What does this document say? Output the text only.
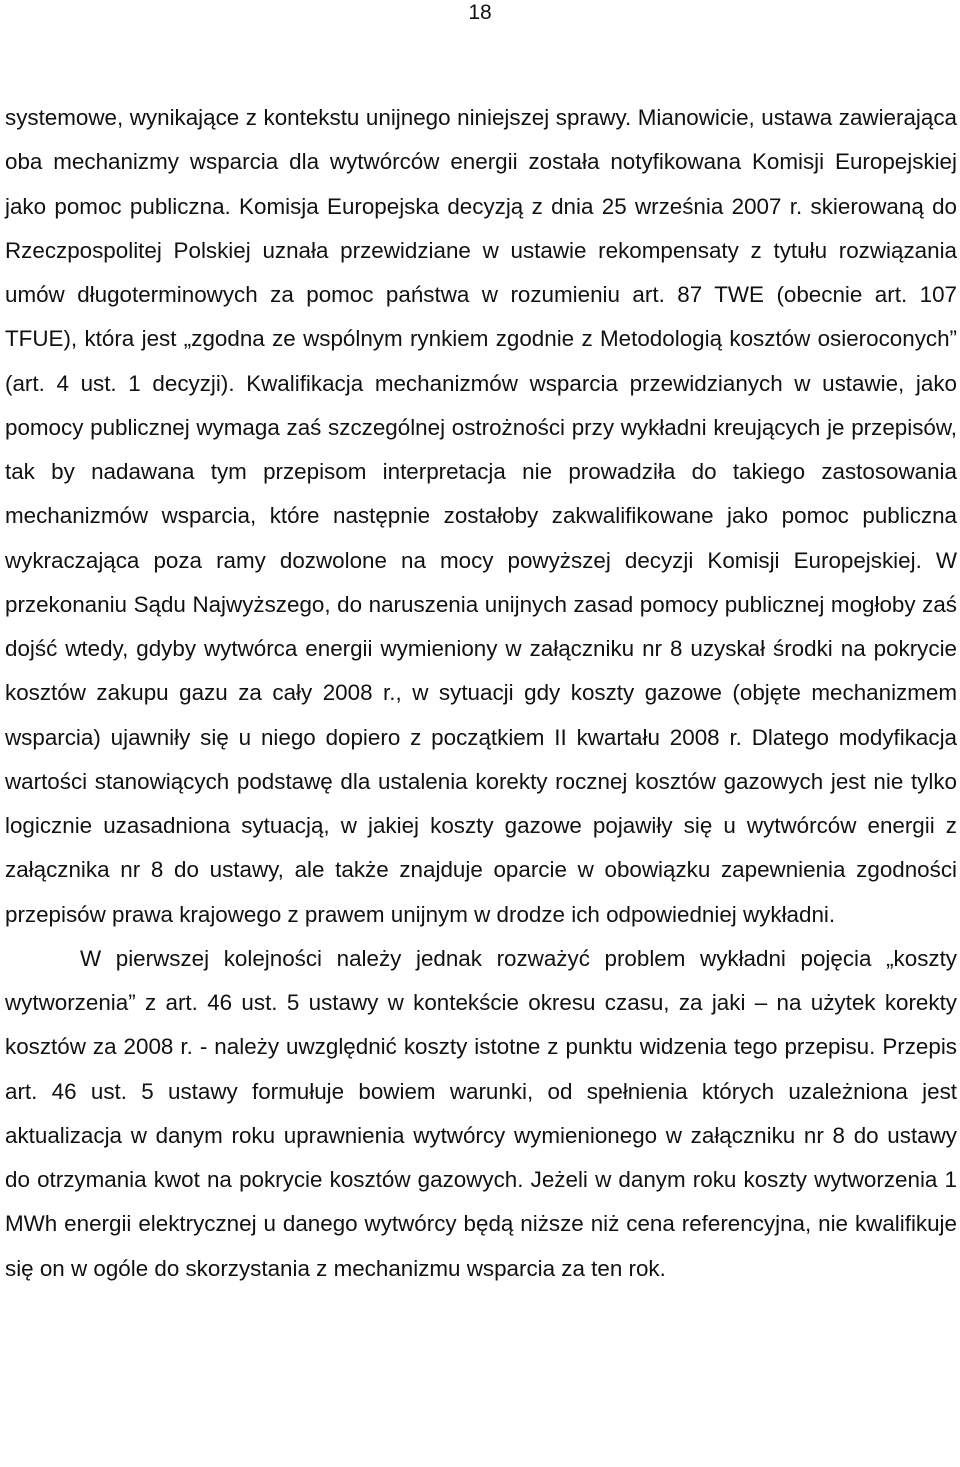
18

systemowe, wynikające z kontekstu unijnego niniejszej sprawy. Mianowicie, ustawa zawierająca oba mechanizmy wsparcia dla wytwórców energii została notyfikowana Komisji Europejskiej jako pomoc publiczna. Komisja Europejska decyzją z dnia 25 września 2007 r. skierowaną do Rzeczpospolitej Polskiej uznała przewidziane w ustawie rekompensaty z tytułu rozwiązania umów długoterminowych za pomoc państwa w rozumieniu art. 87 TWE (obecnie art. 107 TFUE), która jest „zgodna ze wspólnym rynkiem zgodnie z Metodologią kosztów osieroconych” (art. 4 ust. 1 decyzji). Kwalifikacja mechanizmów wsparcia przewidzianych w ustawie, jako pomocy publicznej wymaga zaś szczególnej ostrożności przy wykładni kreujących je przepisów, tak by nadawana tym przepisom interpretacja nie prowadziła do takiego zastosowania mechanizmów wsparcia, które następnie zostałoby zakwalifikowane jako pomoc publiczna wykraczająca poza ramy dozwolone na mocy powyższej decyzji Komisji Europejskiej. W przekonaniu Sądu Najwyższego, do naruszenia unijnych zasad pomocy publicznej mogłoby zaś dojść wtedy, gdyby wytwórca energii wymieniony w załączniku nr 8 uzyskał środki na pokrycie kosztów zakupu gazu za cały 2008 r., w sytuacji gdy koszty gazowe (objęte mechanizmem wsparcia) ujawniły się u niego dopiero z początkiem II kwartału 2008 r. Dlatego modyfikacja wartości stanowiących podstawę dla ustalenia korekty rocznej kosztów gazowych jest nie tylko logicznie uzasadniona sytuacją, w jakiej koszty gazowe pojawiły się u wytwórców energii z załącznika nr 8 do ustawy, ale także znajduje oparcie w obowiązku zapewnienia zgodności przepisów prawa krajowego z prawem unijnym w drodze ich odpowiedniej wykładni.

W pierwszej kolejności należy jednak rozważyć problem wykładni pojęcia „koszty wytworzenia” z art. 46 ust. 5 ustawy w kontekście okresu czasu, za jaki – na użytek korekty kosztów za 2008 r. - należy uwzględnić koszty istotne z punktu widzenia tego przepisu. Przepis art. 46 ust. 5 ustawy formułuje bowiem warunki, od spełnienia których uzależniona jest aktualizacja w danym roku uprawnienia wytwórcy wymienionego w załączniku nr 8 do ustawy do otrzymania kwot na pokrycie kosztów gazowych. Jeżeli w danym roku koszty wytworzenia 1 MWh energii elektrycznej u danego wytwórcy będą niższe niż cena referencyjna, nie kwalifikuje się on w ogóle do skorzystania z mechanizmu wsparcia za ten rok.
